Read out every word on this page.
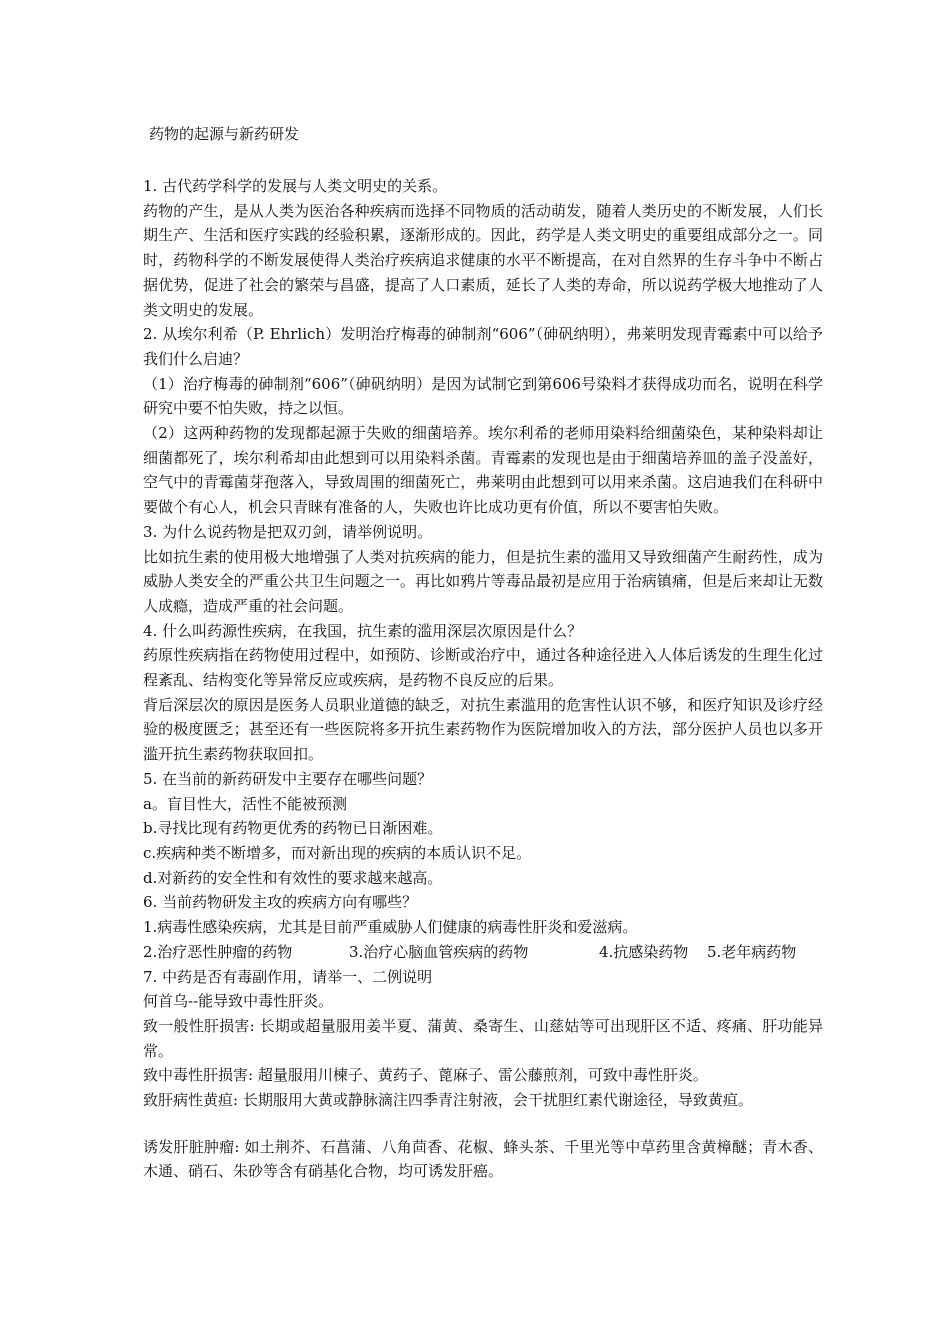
药物的起源与新药研发

1. 古代药学科学的发展与人类文明史的关系。

药物的产生，是从人类为医治各种疾病而选择不同物质的活动萌发，随着人类历史的不断发展，人们长期生产、生活和医疗实践的经验积累，逐渐形成的。因此，药学是人类文明史的重要组成部分之一。同时，药物科学的不断发展使得人类治疗疾病追求健康的水平不断提高，在对自然界的生存斗争中不断占据优势，促进了社会的繁荣与昌盛，提高了人口素质，延长了人类的寿命，所以说药学极大地推动了人类文明史的发展。

2. 从埃尔利希（P. Ehrlich）发明治疗梅毒的砷制剂“606”（砷矾纳明），弗莱明发现青霉素中可以给予我们什么启迪？

（1）治疗梅毒的砷制剂“606”（砷矾纳明）是因为试制它到第606号染料才获得成功而名，说明在科学研究中要不怕失败，持之以恒。

（2）这两种药物的发现都起源于失败的细菌培养。埃尔利希的老师用染料给细菌染色，某种染料却让细菌都死了，埃尔利希却由此想到可以用染料杀菌。青霉素的发现也是由于细菌培养皿的盖子没盖好，空气中的青霉菌芽孢落入，导致周围的细菌死亡，弗莱明由此想到可以用来杀菌。这启迪我们在科研中要做个有心人，机会只青睐有准备的人，失败也许比成功更有价值，所以不要害怕失败。

3. 为什么说药物是把双刃剑，请举例说明。

比如抗生素的使用极大地增强了人类对抗疾病的能力，但是抗生素的滥用又导致细菌产生耐药性，成为威胁人类安全的严重公共卫生问题之一。再比如鸦片等毒品最初是应用于治病镇痛，但是后来却让无数人成瘾，造成严重的社会问题。

4. 什么叫药源性疾病，在我国，抗生素的滥用深层次原因是什么？

药原性疾病指在药物使用过程中，如预防、诊断或治疗中，通过各种途径进入人体后诱发的生理生化过程紊乱、结构变化等异常反应或疾病，是药物不良反应的后果。

背后深层次的原因是医务人员职业道德的缺乏，对抗生素滥用的危害性认识不够，和医疗知识及诊疗经验的极度匮乏；甚至还有一些医院将多开抗生素药物作为医院增加收入的方法，部分医护人员也以多开滥开抗生素药物获取回扣。

5. 在当前的新药研发中主要存在哪些问题？

a。盲目性大，活性不能被预测

b.寻找比现有药物更优秀的药物已日渐困难。

c.疾病种类不断增多，而对新出现的疾病的本质认识不足。

d.对新药的安全性和有效性的要求越来越高。

6. 当前药物研发主攻的疾病方向有哪些？

1.病毒性感染疾病，尤其是目前严重威胁人们健康的病毒性肝炎和爱滋病。

2.治疗恶性肿瘤的药物	3.治疗心脑血管疾病的药物	4.抗感染药物	5.老年病药物

7. 中药是否有毒副作用，请举一、二例说明

何首乌--能导致中毒性肝炎。

致一般性肝损害: 长期或超量服用姜半夏、蒲黄、桑寄生、山慈姑等可出现肝区不适、疼痛、肝功能异常。

致中毒性肝损害: 超量服用川楝子、黄药子、蓖麻子、雷公藤煎剂，可致中毒性肝炎。

致肝病性黄疸: 长期服用大黄或静脉滴注四季青注射液，会干扰胆红素代谢途径，导致黄疸。

诱发肝脏肿瘤: 如土荆芥、石菖蒲、八角茴香、花椒、蜂头茶、千里光等中草药里含黄樟醚；青木香、木通、硝石、朱砂等含有硝基化合物，均可诱发肝癌。
